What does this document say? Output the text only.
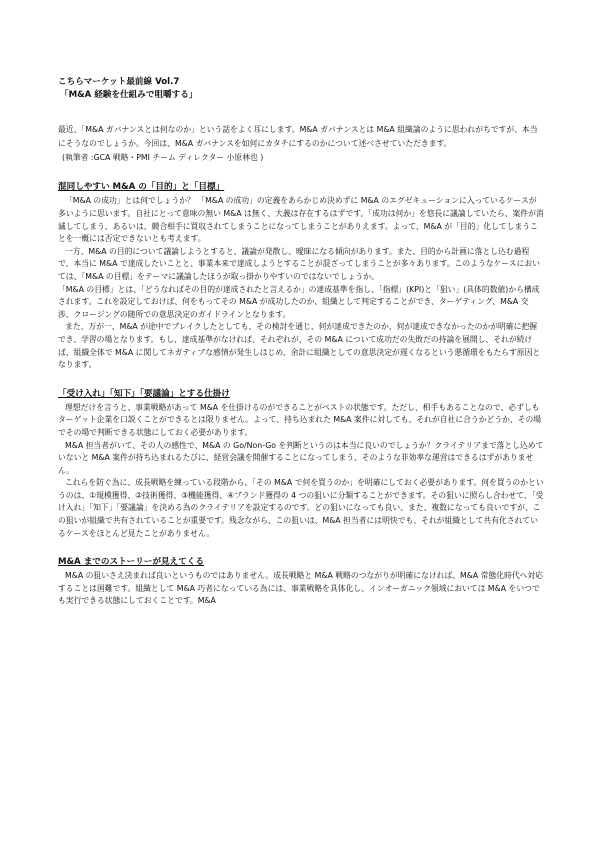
こちらマーケット最前線 Vol.7
「M&A 経験を仕組みで咀嚼する」
最近、「M&A ガバナンスとは何なのか」という話をよく耳にします。M&A ガバナンスとは M&A 組織論のように思われがちですが、本当にそうなのでしょうか。今回は、M&A ガバナンスを如何にカタチにするのかについて述べさせていただきます。
(執筆者 :GCA 戦略・PMI チーム ディレクター 小原林也 )
混同しやすい M&A の「目的」と「目標」

「M&A の成功」とは何でしょうか？ 「M&A の成功」の定義をあらかじめ決めずに M&A のエグゼキューションに入っているケースが多いように思います。自社にとって意味の無い M&A は無く、大義は存在するはずです。「成功は何か」を悠長に議論していたら、案件が消滅してしまう、あるいは、競合相手に買収されてしまうことになってしまうことがありえます。よって、M&A が「目的」化してしまうことを一概には否定できないとも考えます。

一方、M&A の目的について議論しようとすると、議論が発散し、曖昧になる傾向があります。また、目的から計画に落とし込む過程で、本当に M&A で達成したいことと、事業本来で達成しようとすることが混ざってしまうことが多々あります。このようなケースにおいては、「M&A の目標」をテーマに議論したほうが取っ掛かりやすいのではないでしょうか。

「M&A の目標」とは、「どうなればその目的が達成されたと言えるか」の達成基準を指し、「指標」(KPI)と「狙い」(具体的数値)から構成されます。これを設定しておけば、何をもってその M&A が成功したのか、組織として判定することができ、ターゲティング、M&A 交渉、クロージングの随所での意思決定のガイドラインとなります。

また、万が一、M&A が途中でブレイクしたとしても、その検討を通じ、何が達成できたのか、何が達成できなかったのかが明確に把握でき、学習の場となります。もし、達成基準がなければ、それぞれが、その M&A について成功だの失敗だの持論を展開し、それが続けば、組織全体で M&A に関してネガティブな感情が発生しはじめ、余計に組織としての意思決定が遅くなるという悪循環をもたらす原因となります。

「受け入れ」「知下」「要議論」とする仕掛け

理想だけを言うと、事業戦略があって M&A を仕掛けるのができることがベストの状態です。ただし、相手もあることなので、必ずしもターゲット企業を口説くことができるとは限りません。よって、持ち込まれた M&A 案件に対しても、それが自社に合うかどうか、その場でその場で判断できる状態にしておく必要があります。

M&A 担当者がいて、その人の感性で、M&A の Go/Non-Go を判断というのは本当に良いのでしょうか？クライテリアまで落とし込めていないと M&A 案件が持ち込まれるたびに、経営会議を開催することになってしまう、そのような非効率な運営はできるはずがありません。

これらを防ぐ為に、成長戦略を練っている段階から、「その M&A で何を買うのか」を明確にしておく必要があります。何を買うのかというのは、①規模獲得、②技術獲得、③機能獲得、④ブランド獲得の 4 つの狙いに分類することができます。その狙いに照らし合わせて、「受け入れ」「知下」「要議論」を決める為のクライテリアを設定するのです。どの狙いになっても良い、また、複数になっても良いですが、この狙いが組織で共有されていることが重要です。残念ながら、この狙いは、M&A 担当者には明快でも、それが組織として共有化されているケースをほとんど見たことがありません。

M&A までのストーリーが見えてくる

M&A の狙いさえ決まれば良いというものではありません。成長戦略と M&A 戦略のつながりが明確になければ、M&A 常態化時代へ対応することは困難です。組織として M&A 巧者になっている為には、事業戦略を具体化し、インオーガニック領域においては M&A をいつでも実行できる状態にしておくことです。M&A
